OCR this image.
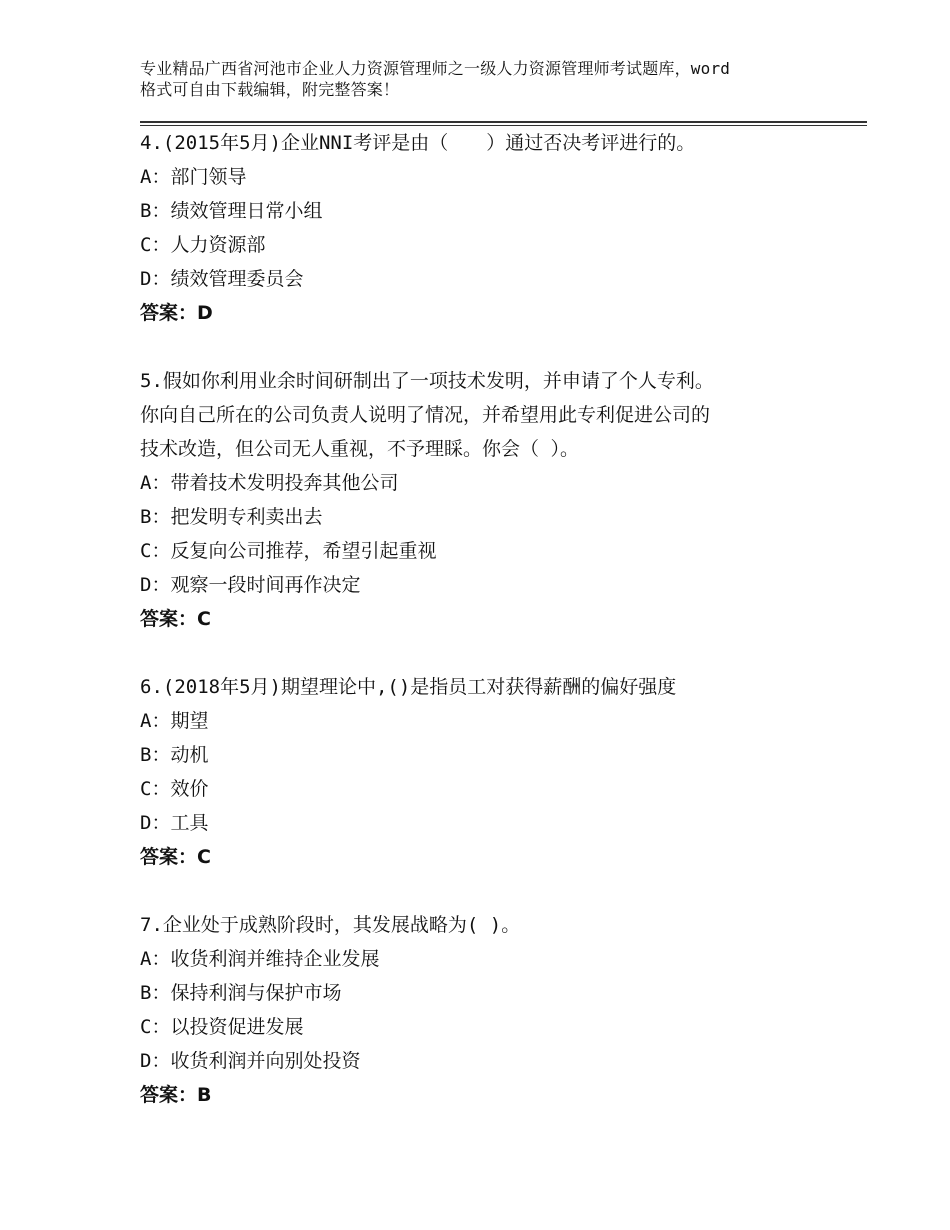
专业精品广西省河池市企业人力资源管理师之一级人力资源管理师考试题库，word
格式可自由下载编辑，附完整答案！
4.(2015年5月)企业NNI考评是由（　　）通过否决考评进行的。
A：部门领导
B：绩效管理日常小组
C：人力资源部
D：绩效管理委员会
答案：D
5.假如你利用业余时间研制出了一项技术发明，并申请了个人专利。
你向自己所在的公司负责人说明了情况，并希望用此专利促进公司的
技术改造，但公司无人重视，不予理睬。你会（ ）。
A：带着技术发明投奔其他公司
B：把发明专利卖出去
C：反复向公司推荐，希望引起重视
D：观察一段时间再作决定
答案：C
6.(2018年5月)期望理论中,()是指员工对获得薪酬的偏好强度
A：期望
B：动机
C：效价
D：工具
答案：C
7.企业处于成熟阶段时，其发展战略为( )。
A：收货利润并维持企业发展
B：保持利润与保护市场
C：以投资促进发展
D：收货利润并向别处投资
答案：B
